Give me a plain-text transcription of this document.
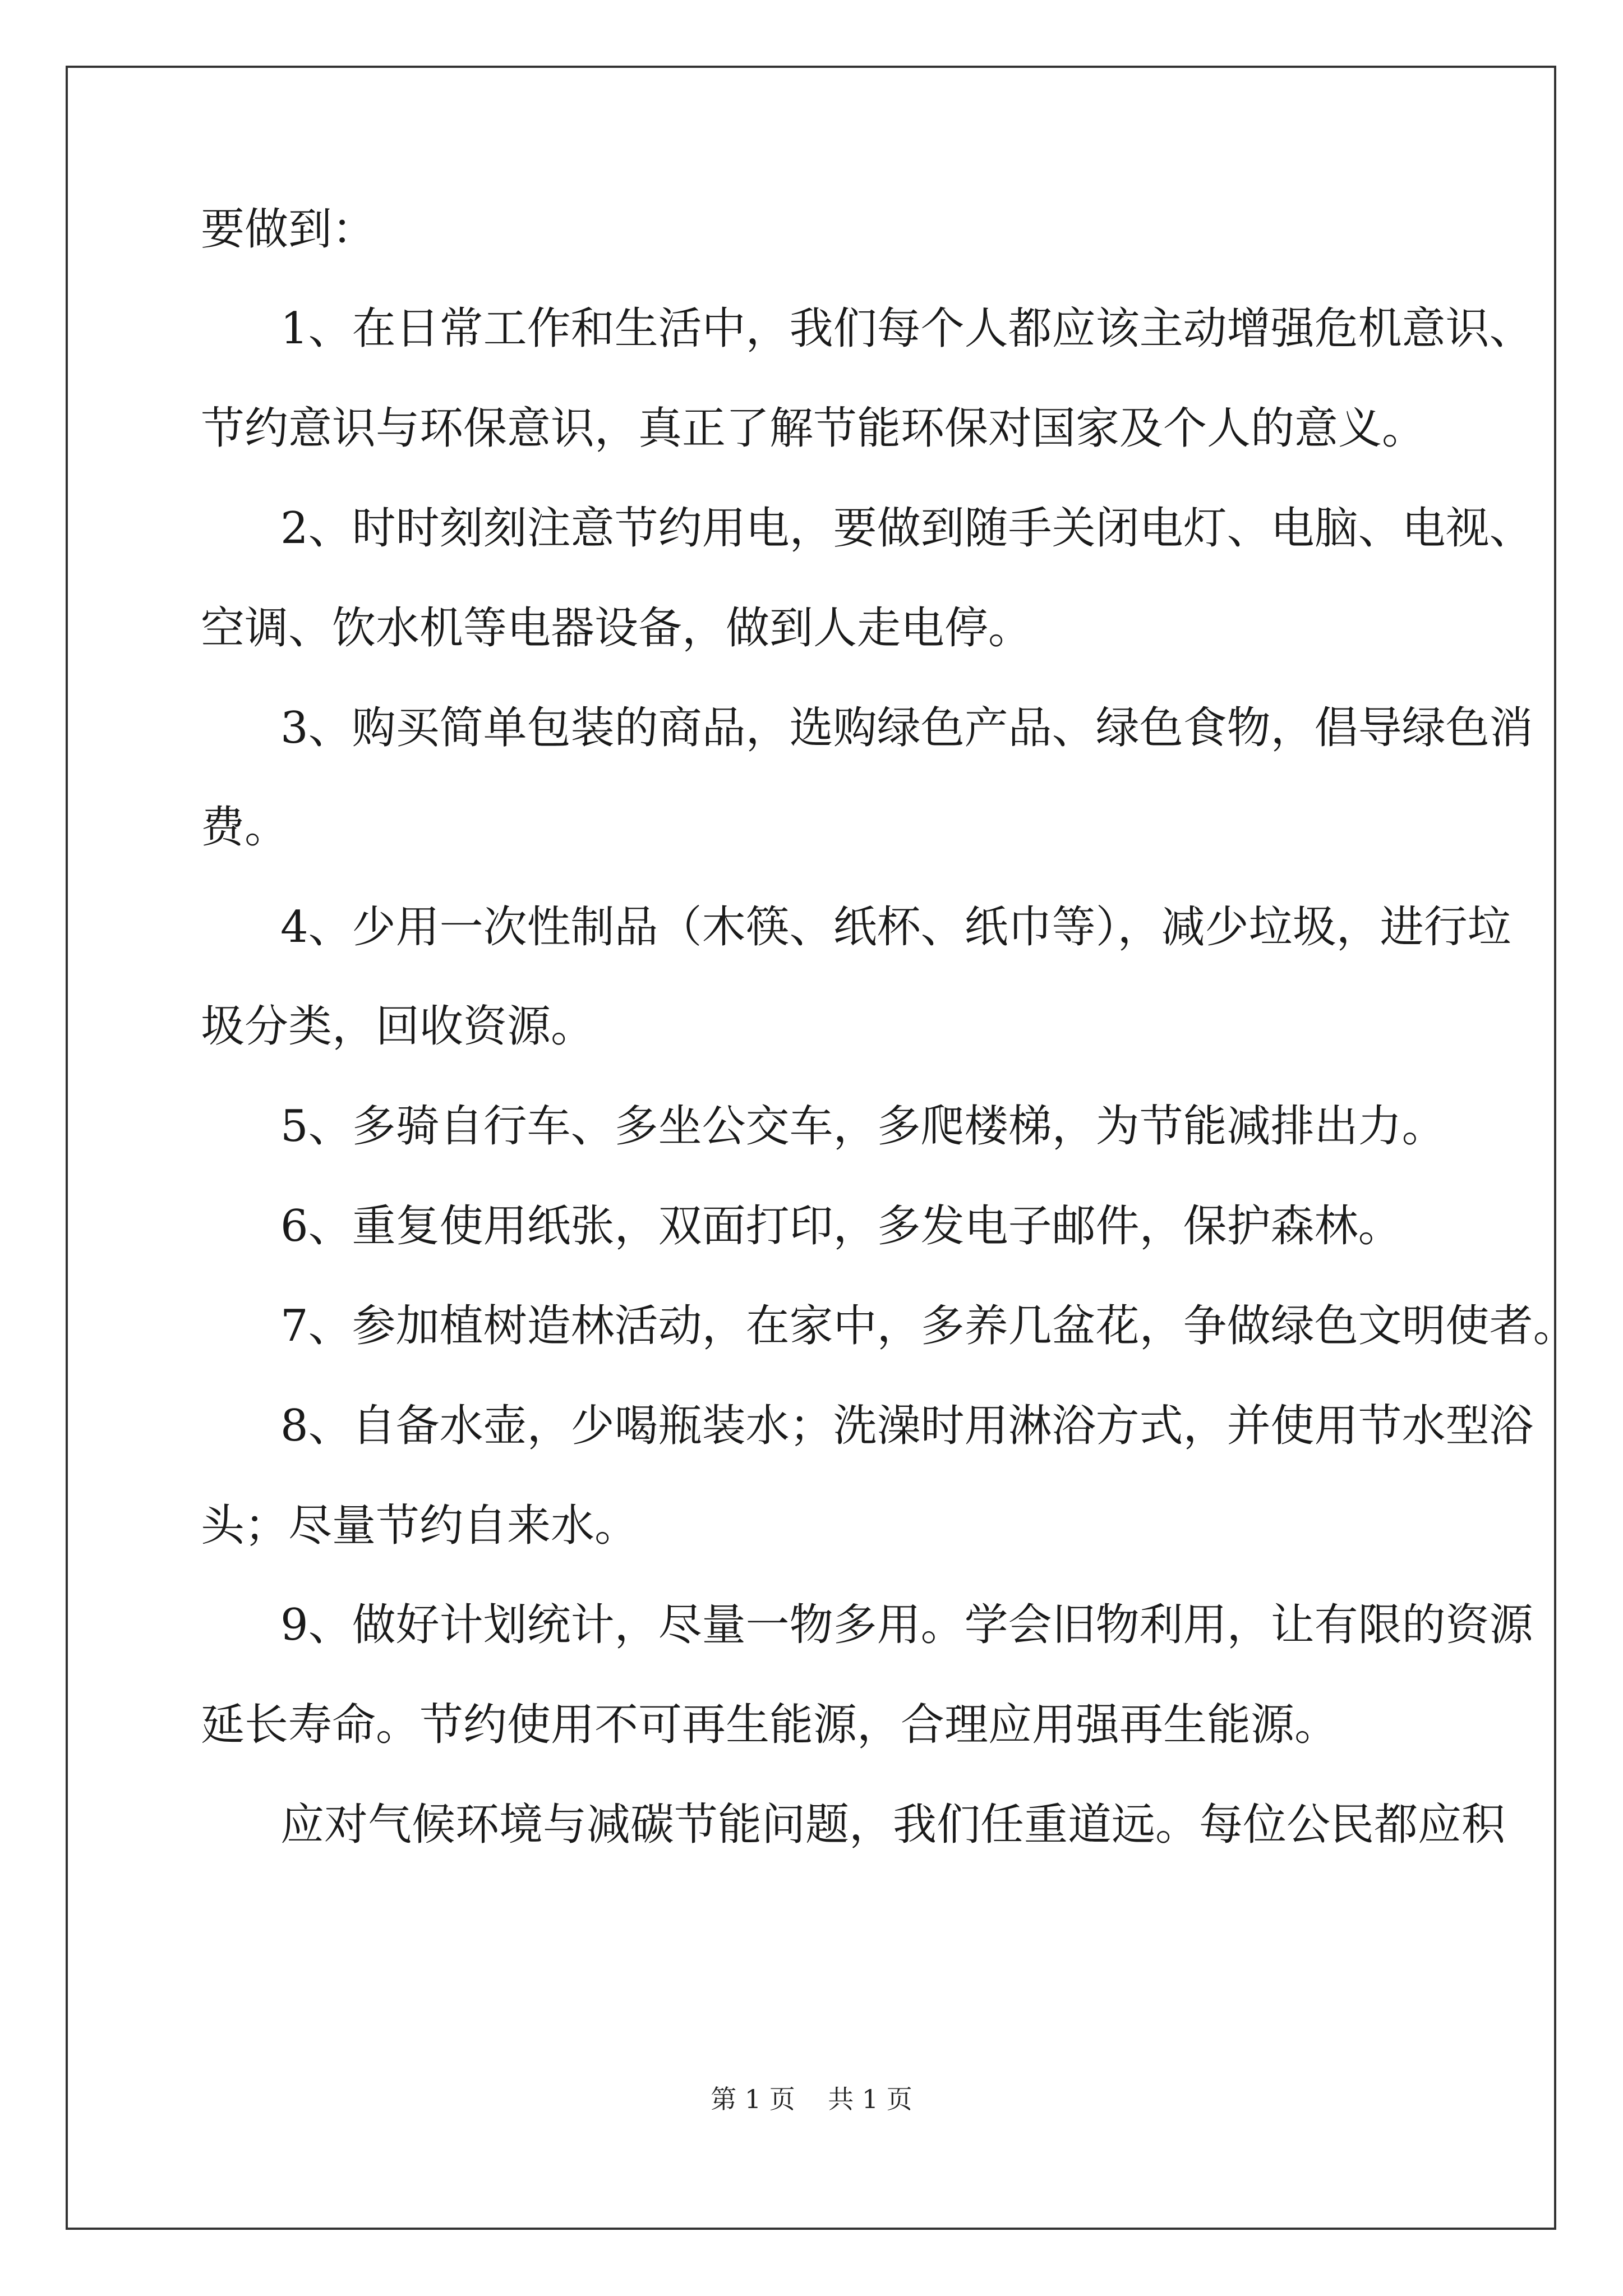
要做到：

1、在日常工作和生活中，我们每个人都应该主动增强危机意识、

节约意识与环保意识，真正了解节能环保对国家及个人的意义。

2、时时刻刻注意节约用电，要做到随手关闭电灯、电脑、电视、

空调、饮水机等电器设备，做到人走电停。

3、购买简单包装的商品，选购绿色产品、绿色食物，倡导绿色消

费。

4、少用一次性制品（木筷、纸杯、纸巾等），减少垃圾，进行垃

圾分类，回收资源。

5、多骑自行车、多坐公交车，多爬楼梯，为节能减排出力。

6、重复使用纸张，双面打印，多发电子邮件，保护森林。

7、参加植树造林活动，在家中，多养几盆花，争做绿色文明使者。

8、自备水壶，少喝瓶装水；洗澡时用淋浴方式，并使用节水型浴

头；尽量节约自来水。

9、做好计划统计，尽量一物多用。学会旧物利用，让有限的资源

延长寿命。节约使用不可再生能源，合理应用强再生能源。

应对气候环境与减碳节能问题，我们任重道远。每位公民都应积

第 1 页    共 1 页
